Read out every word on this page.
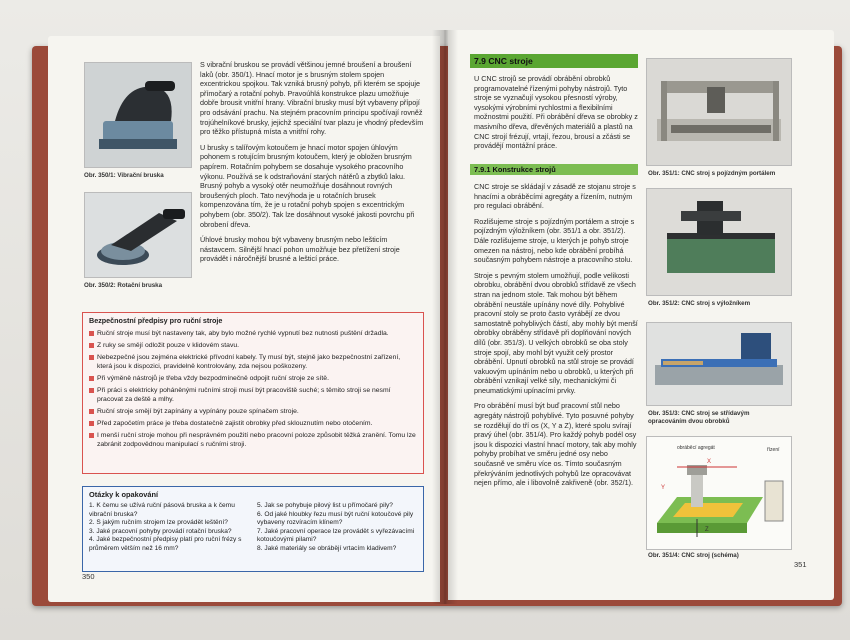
Obr. 350/1: Vibrační bruska
Obr. 350/2: Rotační bruska

S vibrační bruskou se provádí většinou jemné broušení a broušení laků (obr. 350/1). Hnací motor je s brusným stolem spojen excentrickou spojkou. Tak vzniká brusný pohyb, při kterém se spojuje přímočarý a rotační pohyb. Pravoúhlá konstrukce plazu umožňuje dobře brousit vnitřní hrany. Vibrační brusky musí být vybaveny přípojí pro odsávání prachu. Na stejném pracovním principu spočívají rovněž trojúhelníkové brusky, jejichž speciální tvar plazu je vhodný především pro těžko přístupná místa a vnitřní rohy.

U brusky s talířovým kotoučem je hnací motor spojen úhlovým pohonem s rotujícím brusným kotoučem, který je obložen brusným papírem. Rotačním pohybem se dosahuje vysokého pracovního výkonu. Používá se k odstraňování starých nátěrů a zbytků laku. Brusný pohyb a vysoký otěr neumožňuje dosáhnout rovných broušených ploch. Tato nevýhoda je u rotačních brusek kompenzována tím, že je u rotační pohyb spojen s excentrickým pohybem (obr. 350/2). Tak lze dosáhnout vysoké jakosti povrchu při obrobení dřeva.

Úhlové brusky mohou být vybaveny brusným nebo lešticím nástavcem. Silnější hnací pohon umožňuje bez přetížení stroje provádět i náročnější brusné a lešticí práce.

Bezpečnostní předpisy pro ruční stroje
Ruční stroje musí být nastaveny tak, aby bylo možné rychlé vypnutí bez nutnosti puštění držadla.
Z ruky se smějí odložit pouze v klidovém stavu.
Nebezpečné jsou zejména elektrické přívodní kabely. Ty musí být, stejně jako bezpečnostní zařízení, která jsou k dispozici, pravidelně kontrolovány, zda nejsou poškozeny.
Při výměně nástrojů je třeba vždy bezpodmínečně odpojit ruční stroje ze sítě.
Při práci s elektricky poháněnými ručními stroji musí být pracoviště suché; s těmito stroji se nesmí pracovat za deště a mlhy.
Ruční stroje smějí být zapínány a vypínány pouze spínačem stroje.
Před započetím práce je třeba dostatečně zajistit obrobky před sklouznutím nebo otočením.
I menší ruční stroje mohou při nesprávném použití nebo pracovní poloze způsobit těžká zranění. Tomu lze zabránit zodpovědnou manipulací s ručními stroji.
Otázky k opakování
1. K čemu se užívá ruční pásová bruska a k čemu vibrační bruska?
2. S jakým ručním strojem lze provádět leštění?
3. Jaké pracovní pohyby provádí rotační bruska?
4. Jaké bezpečnostní předpisy platí pro ruční frézy s průměrem větším než 16 mm?
5. Jak se pohybuje pilový list u přímočaré pily?
6. Od jaké hloubky řezu musí být ruční kotoučové pily vybaveny rozvíracím klínem?
7. Jaké pracovní operace lze provádět s vyřezávacími kotoučovými pilami?
8. Jaké materiály se obrábějí vrtacím kladivem?
350
7.9 CNC stroje
U CNC strojů se provádí obrábění obrobků programovatelné řízenými pohyby nástrojů. Tyto stroje se vyznačují vysokou přesností výroby, vysokými výrobními rychlostmi a flexibilními možnostmi použití. Při obrábění dřeva se obrobky z masivního dřeva, dřevěných materiálů a plastů na CNC strojí frézují, vrtají, řezou, brousí a zčásti se provádějí montážní práce.
7.9.1 Konstrukce strojů

CNC stroje se skládají v zásadě ze stojanu stroje s hnacími a obráběcími agregáty a řízením, nutným pro regulaci obrábění.

Rozlišujeme stroje s pojízdným portálem a stroje s pojízdným výložníkem (obr. 351/1 a obr. 351/2). Dále rozlišujeme stroje, u kterých je pohyb stroje omezen na nástroj, nebo kde obrábění probíhá současným pohybem nástroje a pracovního stolu.

Stroje s pevným stolem umožňují, podle velikosti obrobku, obrábění dvou obrobků střídavě ze všech stran na jednom stole. Tak mohou být během obrábění neustále upínány nové díly. Pohyblivé pracovní stoly se proto často vyrábějí ze dvou samostatně pohyblivých částí, aby mohly být menší obrobky obráběny střídavě při doplňování nových dílů (obr. 351/3). U velkých obrobků se oba stoly stroje spojí, aby mohl být využit celý prostor obrábění. Upnutí obrobků na stůl stroje se provádí vakuovým upínáním nebo u obrobků, u kterých při obrábění vznikají velké síly, mechanickými či pneumatickými upínacími prvky.

Pro obrábění musí být buď pracovní stůl nebo agregáty nástrojů pohyblivé. Tyto posuvné pohyby se rozdělují do tří os (X, Y a Z), které spolu svírají pravý úhel (obr. 351/4). Pro každý pohyb podél osy jsou k dispozici vlastní hnací motory, tak aby mohly pohyby probíhat ve směru jedné osy nebo současně ve směru více os. Tímto současným překrýváním jednotlivých pohybů lze opracovávat nejen přímo, ale i libovolně zakřiveně (obr. 352/1).

Obr. 351/1: CNC stroj s pojízdným portálem
Obr. 351/2: CNC stroj s výložníkem
Obr. 351/3: CNC stroj se střídavým opracováním dvou obrobků
obráběcí agregát	řízení
X
Y
Z
Obr. 351/4: CNC stroj (schéma)
351
